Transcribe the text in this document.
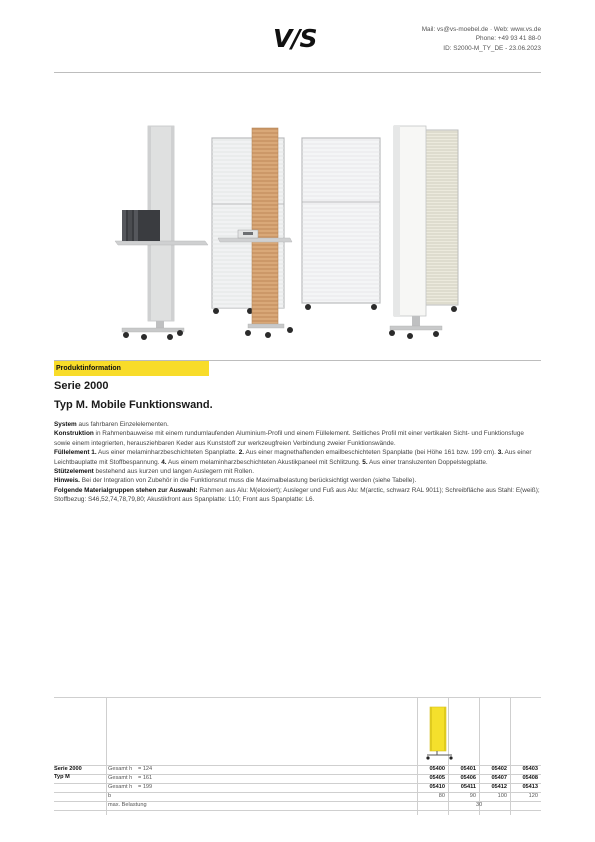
V/S	Mail: vs@vs-moebel.de · Web: www.vs.de
Phone: +49 93 41 88-0
ID: S2000-M_TY_DE - 23.06.2023
Produktinformation
Serie 2000
Typ M. Mobile Funktionswand.

System aus fahrbaren Einzelelementen.

Konstruktion in Rahmenbauweise mit einem rundumlaufenden Aluminium-Profil und einem Füllelement. Seitliches Profil mit einer vertikalen Sicht- und Funktionsfuge sowie einem integrierten, herausziehbaren Keder aus Kunststoff zur werkzeugfreien Verbindung zweier Funktionswände.

Füllelement 1. Aus einer melaminharzbeschichteten Spanplatte. 2. Aus einer magnethaftenden emailbeschichteten Spanplatte (bei Höhe 161 bzw. 199 cm). 3. Aus einer Leichtbauplatte mit Stoffbespannung. 4. Aus einem melaminharzbeschichteten Akustikpaneel mit Schlitzung. 5. Aus einer transluzenten Doppelstegplatte.

Stützelement bestehend aus kurzen und langen Auslegern mit Rollen.

Hinweis. Bei der Integration von Zubehör in die Funktionsnut muss die Maximalbelastung berücksichtigt werden (siehe Tabelle).

Folgende Materialgruppen stehen zur Auswahl: Rahmen aus Alu: M(eloxiert); Ausleger und Fuß aus Alu: M(arctic, schwarz RAL 9011); Schreibfläche aus Stahl: E(weiß); Stoffbezug: S46,52,74,78,79,80; Akustikfront aus Spanplatte: L10; Front aus Spanplatte: L6.

Serie 2000
Typ M
Gesamt h = 124	05400	05401	05402	05403
Gesamt h = 161	05405	05406	05407	05408
Gesamt h = 199	05410	05411	05412	05413
b	80	90	100	120
max. Belastung	30
